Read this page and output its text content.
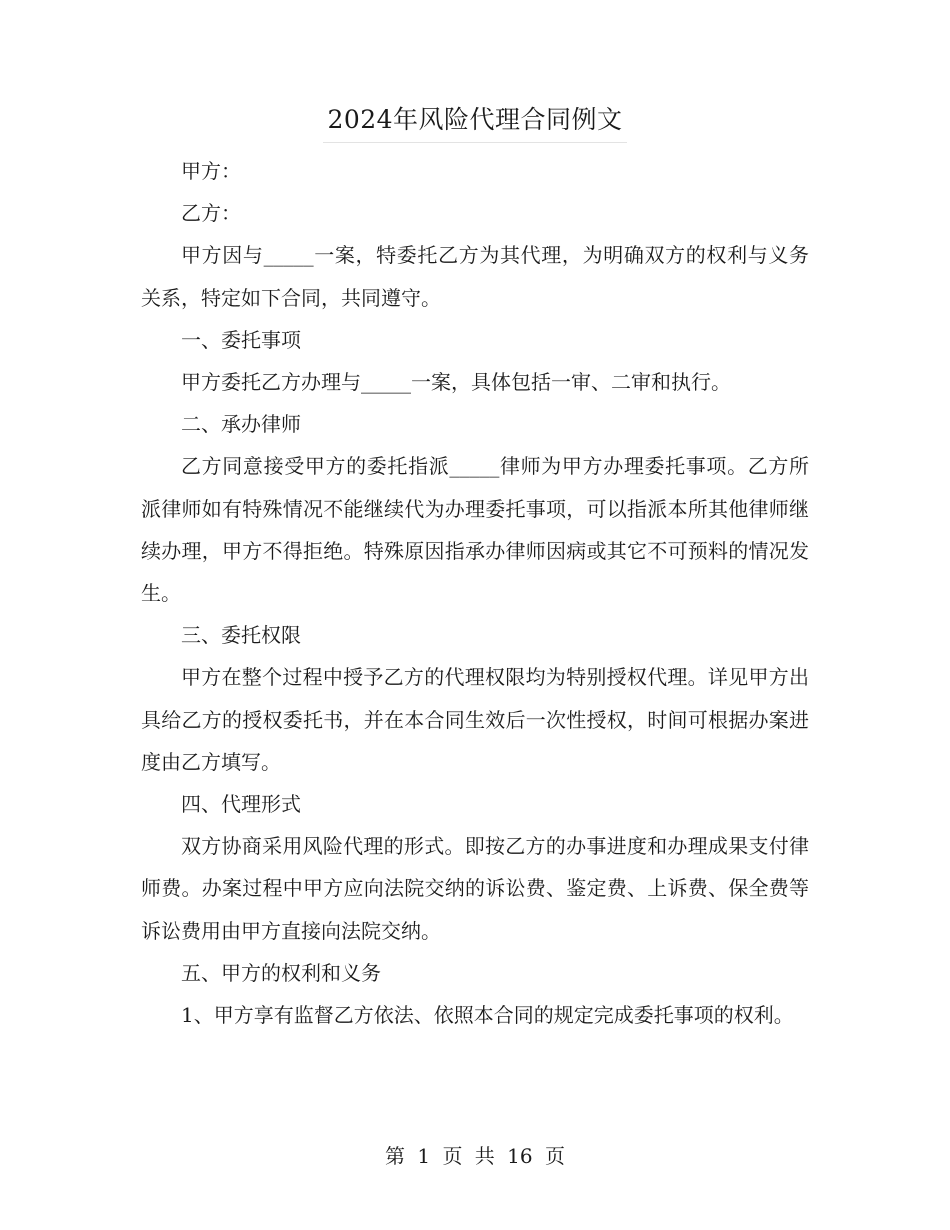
2024年风险代理合同例文

甲方：

乙方：

甲方因与_____一案，特委托乙方为其代理，为明确双方的权利与义务关系，特定如下合同，共同遵守。

一、委托事项

甲方委托乙方办理与_____一案，具体包括一审、二审和执行。

二、承办律师

乙方同意接受甲方的委托指派_____律师为甲方办理委托事项。乙方所派律师如有特殊情况不能继续代为办理委托事项，可以指派本所其他律师继续办理，甲方不得拒绝。特殊原因指承办律师因病或其它不可预料的情况发生。

三、委托权限

甲方在整个过程中授予乙方的代理权限均为特别授权代理。详见甲方出具给乙方的授权委托书，并在本合同生效后一次性授权，时间可根据办案进度由乙方填写。

四、代理形式

双方协商采用风险代理的形式。即按乙方的办事进度和办理成果支付律师费。办案过程中甲方应向法院交纳的诉讼费、鉴定费、上诉费、保全费等诉讼费用由甲方直接向法院交纳。

五、甲方的权利和义务

1、甲方享有监督乙方依法、依照本合同的规定完成委托事项的权利。

第 1 页 共 16 页
